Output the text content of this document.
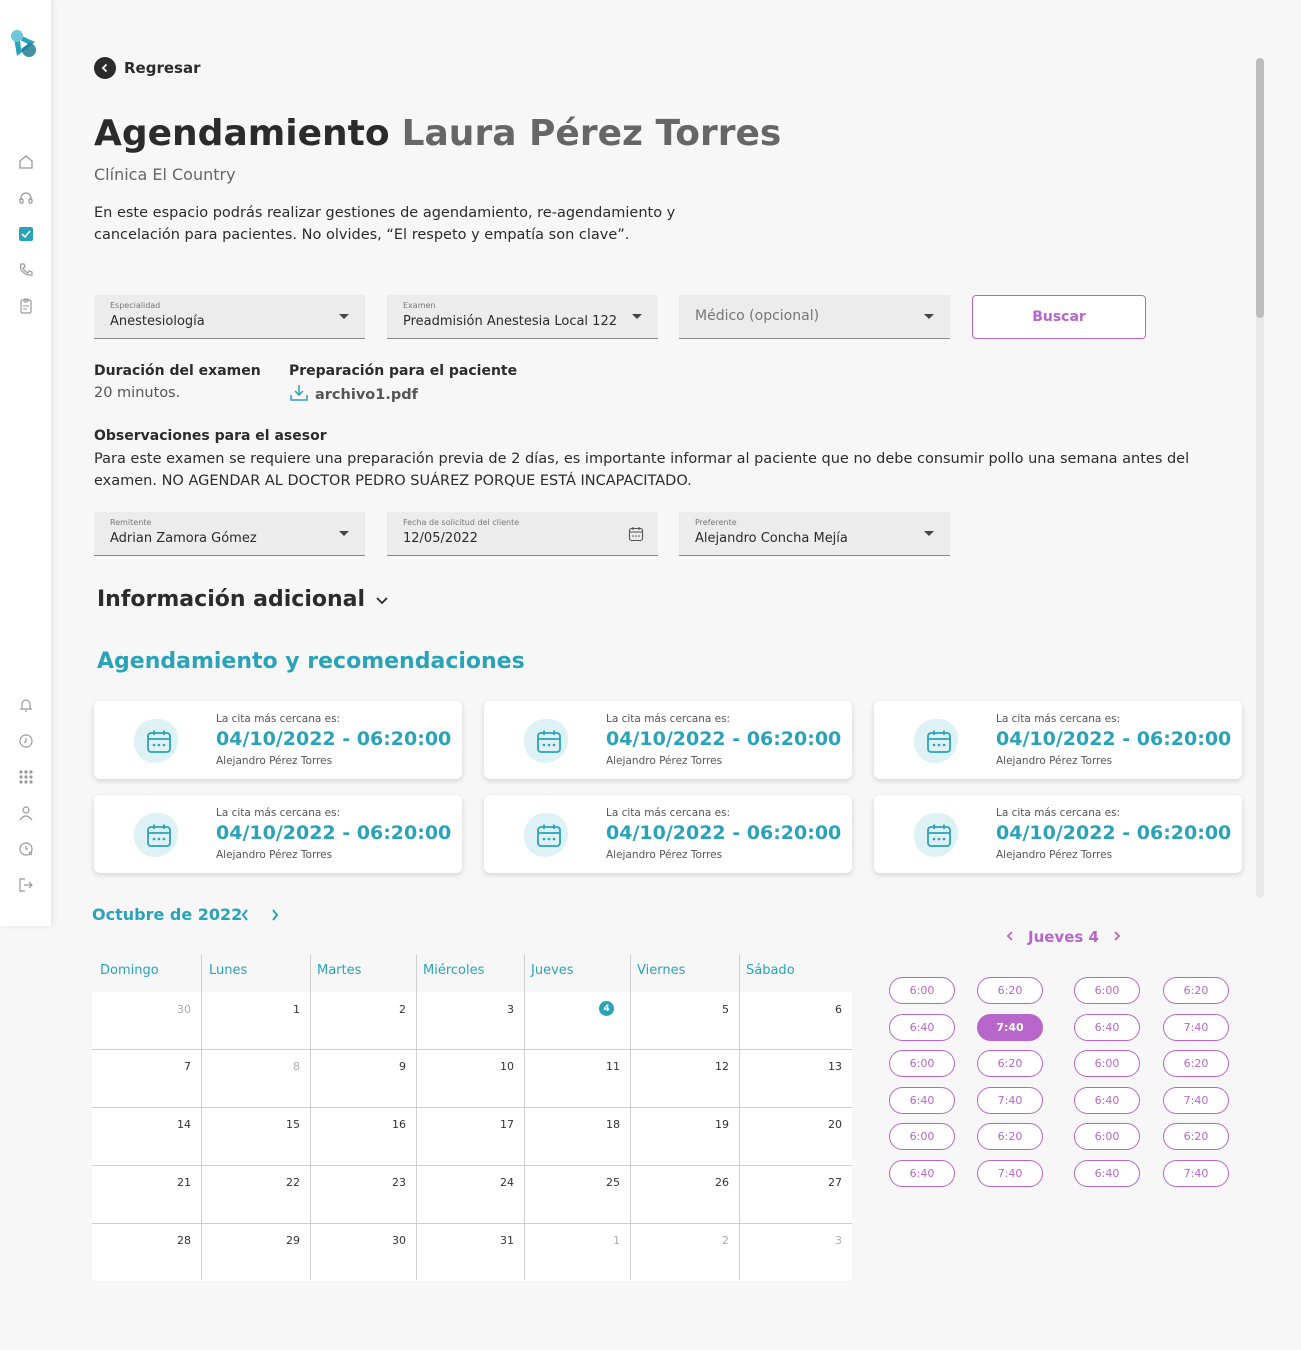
Regresar
Agendamiento Laura Pérez Torres
Clínica El Country
En este espacio podrás realizar gestiones de agendamiento, re-agendamiento y cancelación para pacientes. No olvides, “El respeto y empatía son clave”.
Especialidad
Anestesiología
Examen
Preadmisión Anestesia Local 122	Médico (opcional)	Buscar
Duración del examen
20 minutos.
Preparación para el paciente
archivo1.pdf
Observaciones para el asesor
Para este examen se requiere una preparación previa de 2 días, es importante informar al paciente que no debe consumir pollo una semana antes del examen. NO AGENDAR AL DOCTOR PEDRO SUÁREZ PORQUE ESTÁ INCAPACITADO.
Remitente
Adrian Zamora Gómez
Fecha de solicitud del cliente
12/05/2022
Preferente
Alejandro Concha Mejía
Información adicional
Agendamiento y recomendaciones
La cita más cercana es:
04/10/2022 - 06:20:00
Alejandro Pérez Torres
La cita más cercana es:
04/10/2022 - 06:20:00
Alejandro Pérez Torres
La cita más cercana es:
04/10/2022 - 06:20:00
Alejandro Pérez Torres
La cita más cercana es:
04/10/2022 - 06:20:00
Alejandro Pérez Torres
La cita más cercana es:
04/10/2022 - 06:20:00
Alejandro Pérez Torres
La cita más cercana es:
04/10/2022 - 06:20:00
Alejandro Pérez Torres
Octubre de 2022
Domingo	Lunes	Martes	Miércoles	Jueves	Viernes	Sábado
30	1	2	3	4	5	6
7	8	9	10	11	12	13
14	15	16	17	18	19	20
21	22	23	24	25	26	27
28	29	30	31	1	2	3
Jueves 4
6:00	6:20	6:00	6:20
6:40	7:40	6:40	7:40
6:00	6:20	6:00	6:20
6:40	7:40	6:40	7:40
6:00	6:20	6:00	6:20
6:40	7:40	6:40	7:40
